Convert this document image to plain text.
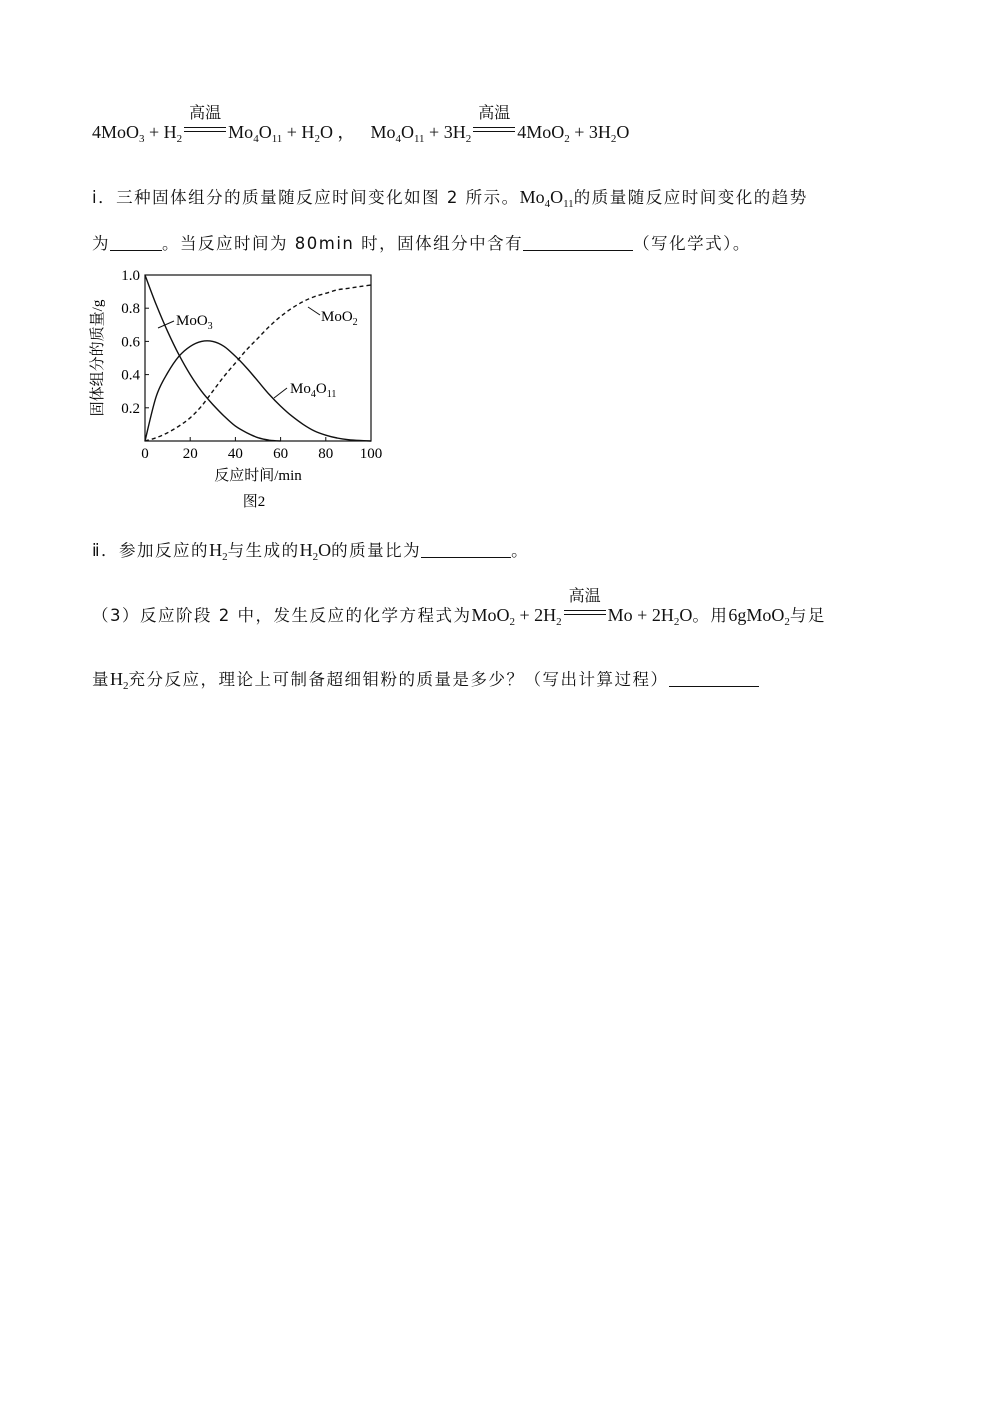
$4MoO_3 + H_2$
高温
$Mo_4O_{11} + H_2O$ ， $Mo_4O_{11} + 3H_2$
高温
$4MoO_2 + 3H_2O$
ⅰ．三种固体组分的质量随反应时间变化如图 2 所示。$Mo_4O_{11}$的质量随反应时间变化的趋势
为	。当反应时间为 80min 时，固体组分中含有	（写化学式）。
0 20 40 60 80 100
0.2
0.4
0.6
0.8
1.0
固体组分的质量/g
反应时间/min
图2
MoO$_3$
MoO$_2$
$Mo_4O_{11}$
ⅱ．参加反应的$H_2$与生成的$H_2O$的质量比为	。
（3）反应阶段 2 中，发生反应的化学方程式为$MoO_2 + 2H_2$
高温
$Mo + 2H_2O$。用6gMoO$_2$与足
量$H_2$充分反应，理论上可制备超细钼粉的质量是多少？（写出计算过程）
